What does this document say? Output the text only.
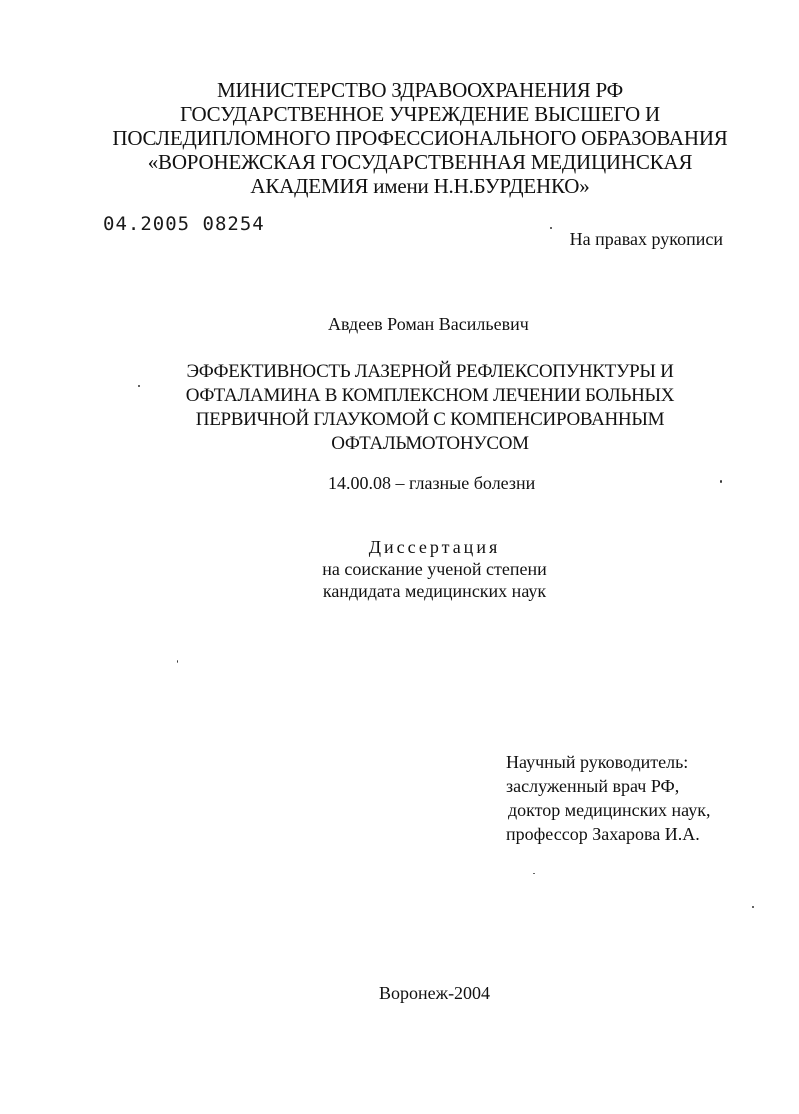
МИНИСТЕРСТВО ЗДРАВООХРАНЕНИЯ РФ
ГОСУДАРСТВЕННОЕ УЧРЕЖДЕНИЕ ВЫСШЕГО И
ПОСЛЕДИПЛОМНОГО ПРОФЕССИОНАЛЬНОГО ОБРАЗОВАНИЯ
«ВОРОНЕЖСКАЯ ГОСУДАРСТВЕННАЯ МЕДИЦИНСКАЯ
АКАДЕМИЯ имени Н.Н.БУРДЕНКО»
04.2005 08254
На правах рукописи
Авдеев Роман Васильевич
ЭФФЕКТИВНОСТЬ ЛАЗЕРНОЙ РЕФЛЕКСОПУНКТУРЫ И
ОФТАЛАМИНА В КОМПЛЕКСНОМ ЛЕЧЕНИИ БОЛЬНЫХ
ПЕРВИЧНОЙ ГЛАУКОМОЙ С КОМПЕНСИРОВАННЫМ
ОФТАЛЬМОТОНУСОМ
14.00.08 – глазные болезни
Диссертация
на соискание ученой степени
кандидата медицинских наук
Научный руководитель:
заслуженный врач РФ,
доктор медицинских наук,
профессор Захарова И.А.
Воронеж-2004
